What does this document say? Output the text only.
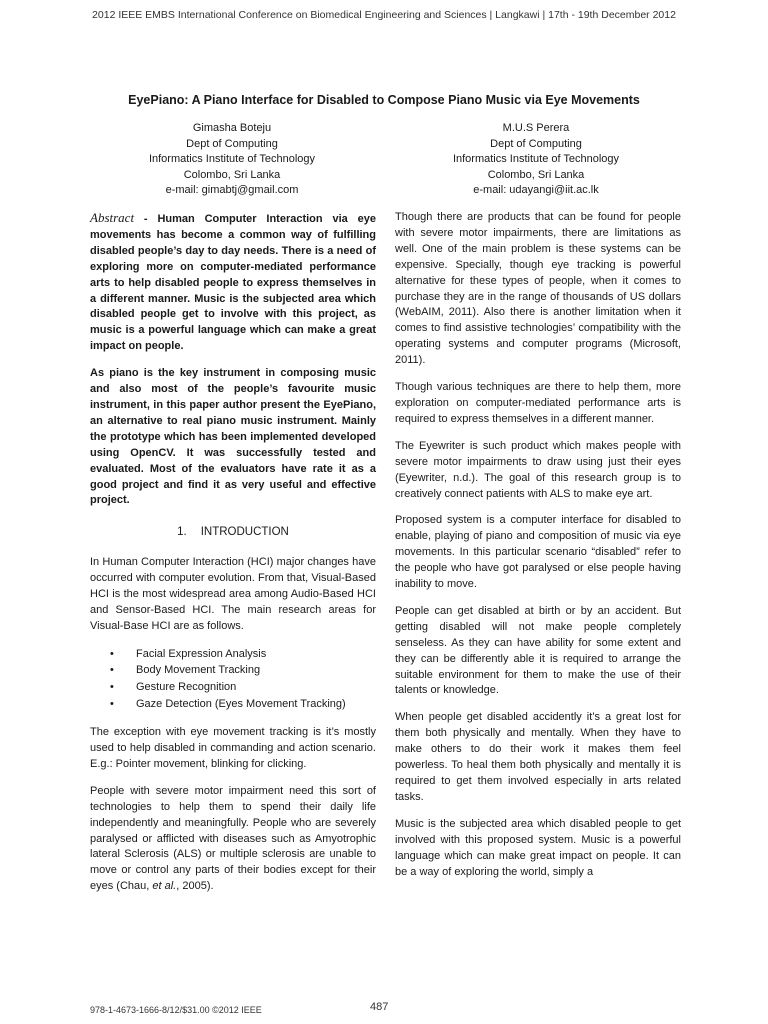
2012 IEEE EMBS International Conference on Biomedical Engineering and Sciences | Langkawi | 17th - 19th December 2012
EyePiano: A Piano Interface for Disabled to Compose Piano Music via Eye Movements
Gimasha Boteju
Dept of Computing
Informatics Institute of Technology
Colombo, Sri Lanka
e-mail: gimabtj@gmail.com
M.U.S Perera
Dept of Computing
Informatics Institute of Technology
Colombo, Sri Lanka
e-mail: udayangi@iit.ac.lk

Abstract - Human Computer Interaction via eye movements has become a common way of fulfilling disabled people’s day to day needs. There is a need of exploring more on computer-mediated performance arts to help disabled people to express themselves in a different manner. Music is the subjected area which disabled people get to involve with this project, as music is a powerful language which can make a great impact on people.

As piano is the key instrument in composing music and also most of the people’s favourite music instrument, in this paper author present the EyePiano, an alternative to real piano music instrument. Mainly the prototype which has been implemented developed using OpenCV. It was successfully tested and evaluated. Most of the evaluators have rate it as a good project and find it as very useful and effective project.

1. INTRODUCTION

In Human Computer Interaction (HCI) major changes have occurred with computer evolution. From that, Visual-Based HCI is the most widespread area among Audio-Based HCI and Sensor-Based HCI. The main research areas for Visual-Base HCI are as follows.

• Facial Expression Analysis
• Body Movement Tracking
• Gesture Recognition
• Gaze Detection (Eyes Movement Tracking)

The exception with eye movement tracking is it’s mostly used to help disabled in commanding and action scenario. E.g.: Pointer movement, blinking for clicking.

People with severe motor impairment need this sort of technologies to help them to spend their daily life independently and meaningfully. People who are severely paralysed or afflicted with diseases such as Amyotrophic lateral Sclerosis (ALS) or multiple sclerosis are unable to move or control any parts of their bodies except for their eyes (Chau, et al., 2005).

Though there are products that can be found for people with severe motor impairments, there are limitations as well. One of the main problem is these systems can be expensive. Specially, though eye tracking is powerful alternative for these types of people, when it comes to purchase they are in the range of thousands of US dollars (WebAIM, 2011). Also there is another limitation when it comes to find assistive technologies’ compatibility with the operating systems and computer programs (Microsoft, 2011).

Though various techniques are there to help them, more exploration on computer-mediated performance arts is required to express themselves in a different manner.

The Eyewriter is such product which makes people with severe motor impairments to draw using just their eyes (Eyewriter, n.d.). The goal of this research group is to creatively connect patients with ALS to make eye art.

Proposed system is a computer interface for disabled to enable, playing of piano and composition of music via eye movements. In this particular scenario “disabled” refer to the people who have got paralysed or else people having inability to move.

People can get disabled at birth or by an accident. But getting disabled will not make people completely senseless. As they can have ability for some extent and they can be differently able it is required to arrange the suitable environment for them to make the use of their talents or knowledge.

When people get disabled accidently it’s a great lost for them both physically and mentally. When they have to make others to do their work it makes them feel powerless. To heal them both physically and mentally it is required to get them involved especially in arts related tasks.

Music is the subjected area which disabled people to get involved with this proposed system. Music is a powerful language which can make great impact on people. It can be a way of exploring the world, simply a

978-1-4673-1666-8/12/$31.00 ©2012 IEEE	487
